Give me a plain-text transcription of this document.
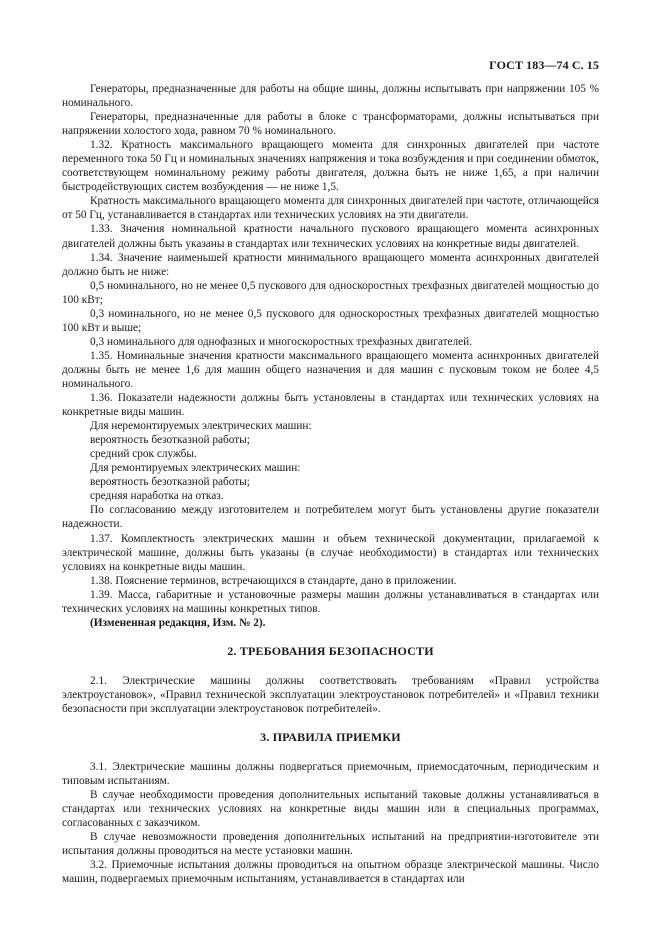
ГОСТ 183—74 С. 15

Генераторы, предназначенные для работы на общие шины, должны испытывать при напряжении 105 % номинального.

Генераторы, предназначенные для работы в блоке с трансформаторами, должны испытываться при напряжении холостого хода, равном 70 % номинального.

1.32. Кратность максимального вращающего момента для синхронных двигателей при частоте переменного тока 50 Гц и номинальных значениях напряжения и тока возбуждения и при соединении обмоток, соответствующем номинальному режиму работы двигателя, должна быть не ниже 1,65, а при наличии быстродействующих систем возбуждения — не ниже 1,5.

Кратность максимального вращающего момента для синхронных двигателей при частоте, отличающейся от 50 Гц, устанавливается в стандартах или технических условиях на эти двигатели.

1.33. Значения номинальной кратности начального пускового вращающего момента асинхронных двигателей должны быть указаны в стандартах или технических условиях на конкретные виды двигателей.

1.34. Значение наименьшей кратности минимального вращающего момента асинхронных двигателей должно быть не ниже:

0,5 номинального, но не менее 0,5 пускового для односкоростных трехфазных двигателей мощностью до 100 кВт;

0,3 номинального, но не менее 0,5 пускового для односкоростных трехфазных двигателей мощностью 100 кВт и выше;

0,3 номинального для однофазных и многоскоростных трехфазных двигателей.

1.35. Номинальные значения кратности максимального вращающего момента асинхронных двигателей должны быть не менее 1,6 для машин общего назначения и для машин с пусковым током не более 4,5 номинального.

1.36. Показатели надежности должны быть установлены в стандартах или технических условиях на конкретные виды машин.

Для неремонтируемых электрических машин:

вероятность безотказной работы;

средний срок службы.

Для ремонтируемых электрических машин:

вероятность безотказной работы;

средняя наработка на отказ.

По согласованию между изготовителем и потребителем могут быть установлены другие показатели надежности.

1.37. Комплектность электрических машин и объем технической документации, прилагаемой к электрической машине, должны быть указаны (в случае необходимости) в стандартах или технических условиях на конкретные виды машин.

1.38. Пояснение терминов, встречающихся в стандарте, дано в приложении.

1.39. Масса, габаритные и установочные размеры машин должны устанавливаться в стандартах или технических условиях на машины конкретных типов.

(Измененная редакция, Изм. № 2).

2. ТРЕБОВАНИЯ БЕЗОПАСНОСТИ

2.1. Электрические машины должны соответствовать требованиям «Правил устройства электроустановок», «Правил технической эксплуатации электроустановок потребителей» и «Правил техники безопасности при эксплуатации электроустановок потребителей».

3. ПРАВИЛА ПРИЕМКИ

3.1. Электрические машины должны подвергаться приемочным, приемосдаточным, периодическим и типовым испытаниям.

В случае необходимости проведения дополнительных испытаний таковые должны устанавливаться в стандартах или технических условиях на конкретные виды машин или в специальных программах, согласованных с заказчиком.

В случае невозможности проведения дополнительных испытаний на предприятии-изготовителе эти испытания должны проводиться на месте установки машин.

3.2. Приемочные испытания должны проводиться на опытном образце электрической машины. Число машин, подвергаемых приемочным испытаниям, устанавливается в стандартах или
